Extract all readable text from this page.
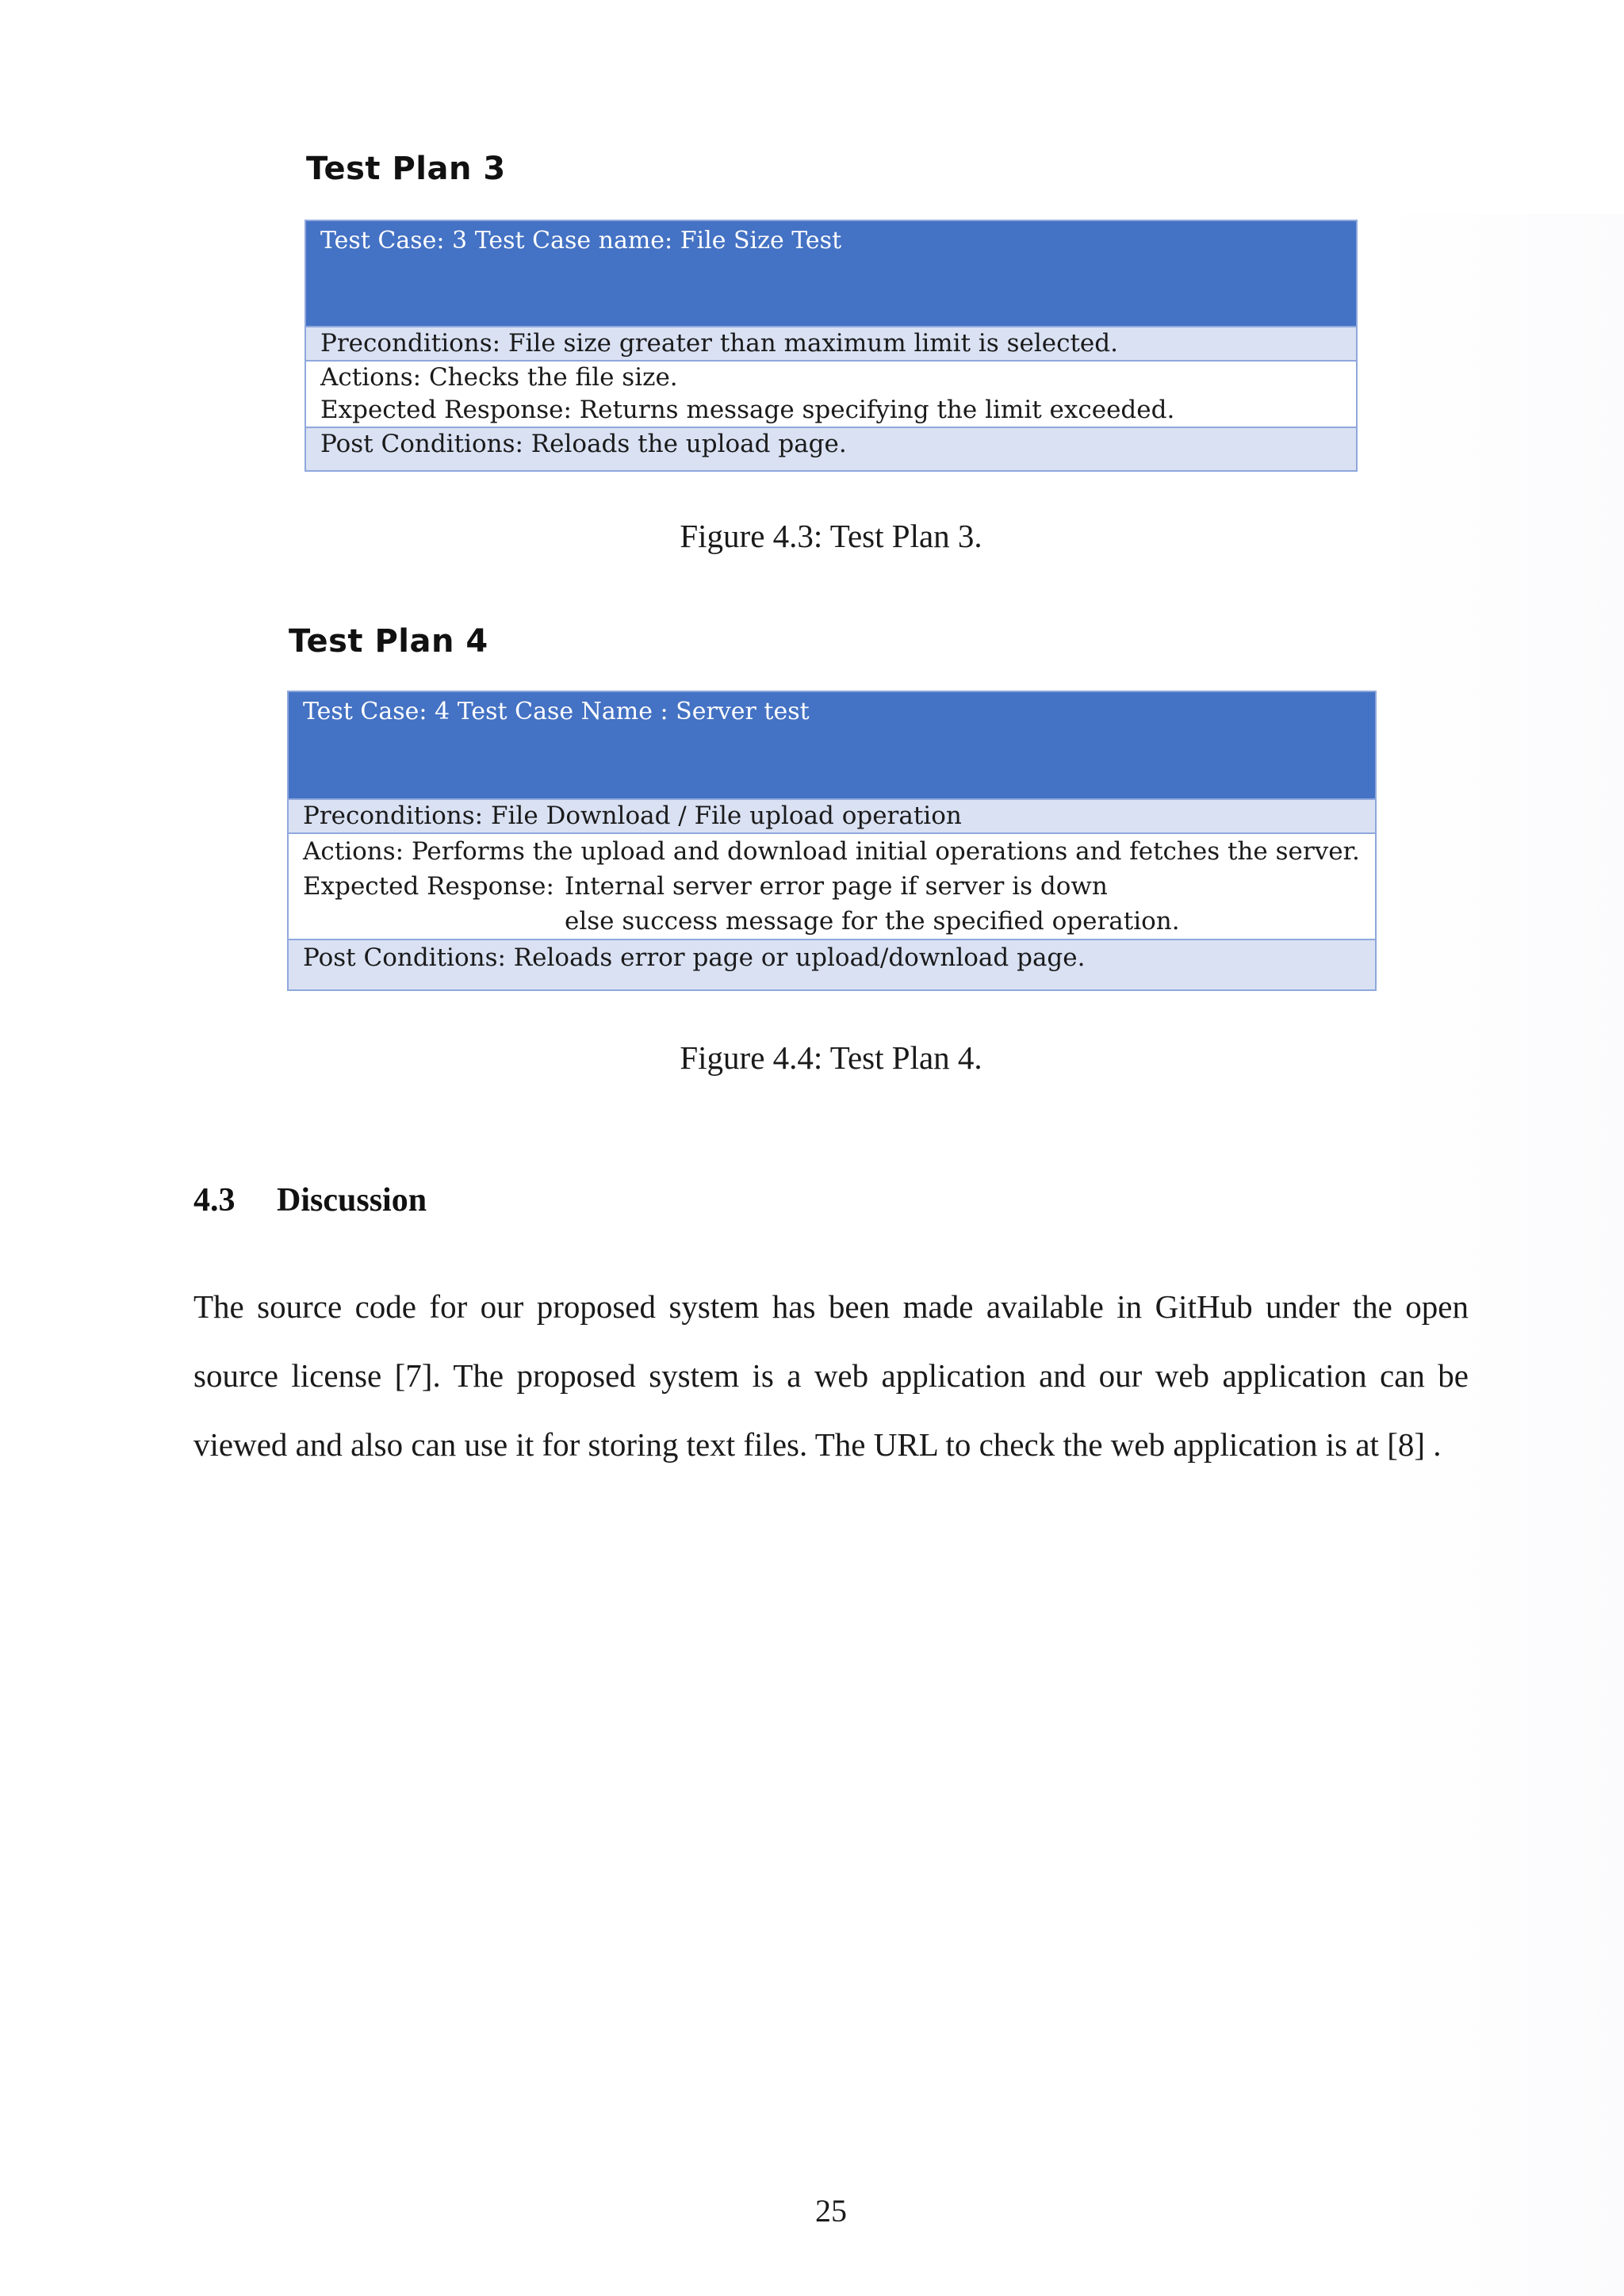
Test Plan 3
Test Case: 3 Test Case name: File Size Test
Preconditions: File size greater than maximum limit is selected.
Actions: Checks the file size.
Expected Response: Returns message specifying the limit exceeded.
Post Conditions: Reloads the upload page.

Figure 4.3: Test Plan 3.

Test Plan 4
Test Case: 4 Test Case Name : Server test
Preconditions: File Download / File upload operation
Actions: Performs the upload and download initial operations and fetches the server.
Expected Response: Internal server error page if server is down
else success message for the specified operation.
Post Conditions: Reloads error page or upload/download page.

Figure 4.4: Test Plan 4.

4.3 Discussion

The source code for our proposed system has been made available in GitHub under the open source license [7]. The proposed system is a web application and our web application can be viewed and also can use it for storing text files. The URL to check the web application is at [8] .

25
